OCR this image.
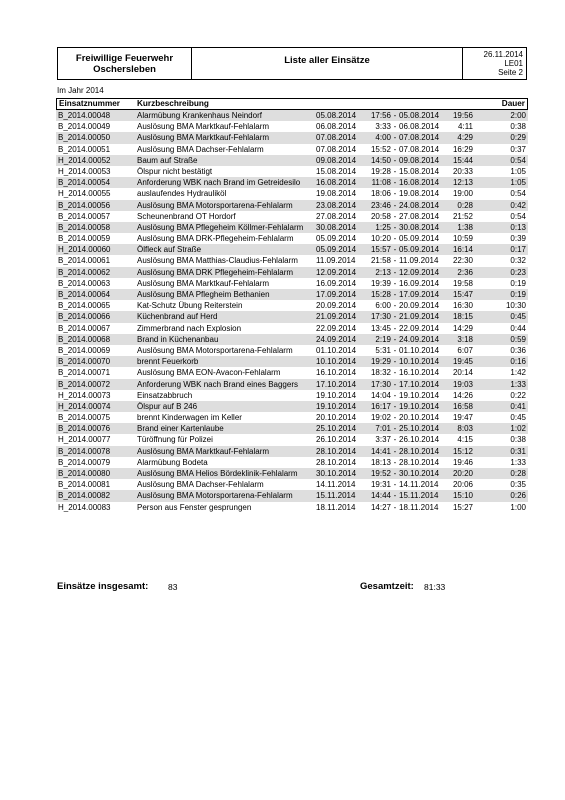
Freiwillige Feuerwehr
Oschersleben
Liste aller Einsätze
26.11.2014
LE01
Seite 2
Im Jahr 2014
Einsatznummer	Kurzbeschreibung	Dauer
B_2014.00048	Alarmübung Krankenhaus Neindorf	05.08.2014	17:56 - 05.08.2014	19:56	2:00
B_2014.00049	Auslösung BMA Marktkauf-Fehlalarm	06.08.2014	3:33 - 06.08.2014	4:11	0:38
B_2014.00050	Auslösung BMA Marktkauf-Fehlalarm	07.08.2014	4:00 - 07.08.2014	4:29	0:29
B_2014.00051	Auslösung BMA Dachser-Fehlalarm	07.08.2014	15:52 - 07.08.2014	16:29	0:37
H_2014.00052	Baum auf Straße	09.08.2014	14:50 - 09.08.2014	15:44	0:54
H_2014.00053	Ölspur nicht bestätigt	15.08.2014	19:28 - 15.08.2014	20:33	1:05
B_2014.00054	Anforderung WBK nach Brand im Getreidesilo	16.08.2014	11:08 - 16.08.2014	12:13	1:05
H_2014.00055	auslaufendes Hydrauliköl	19.08.2014	18:06 - 19.08.2014	19:00	0:54
B_2014.00056	Auslösung BMA Motorsportarena-Fehlalarm	23.08.2014	23:46 - 24.08.2014	0:28	0:42
B_2014.00057	Scheunenbrand OT Hordorf	27.08.2014	20:58 - 27.08.2014	21:52	0:54
B_2014.00058	Auslösung BMA Pflegeheim Köllmer-Fehlalarm	30.08.2014	1:25 - 30.08.2014	1:38	0:13
B_2014.00059	Auslösung BMA DRK-Pflegeheim-Fehlalarm	05.09.2014	10:20 - 05.09.2014	10:59	0:39
H_2014.00060	Ölfleck auf Straße	05.09.2014	15:57 - 05.09.2014	16:14	0:17
B_2014.00061	Auslösung BMA Matthias-Claudius-Fehlalarm	11.09.2014	21:58 - 11.09.2014	22:30	0:32
B_2014.00062	Auslösung BMA DRK Pflegeheim-Fehlalarm	12.09.2014	2:13 - 12.09.2014	2:36	0:23
B_2014.00063	Auslösung BMA Marktkauf-Fehlalarm	16.09.2014	19:39 - 16.09.2014	19:58	0:19
B_2014.00064	Auslösung BMA Pflegheim Bethanien	17.09.2014	15:28 - 17.09.2014	15:47	0:19
B_2014.00065	Kat-Schutz Übung Reiterstein	20.09.2014	6:00 - 20.09.2014	16:30	10:30
B_2014.00066	Küchenbrand auf Herd	21.09.2014	17:30 - 21.09.2014	18:15	0:45
B_2014.00067	Zimmerbrand nach Explosion	22.09.2014	13:45 - 22.09.2014	14:29	0:44
B_2014.00068	Brand in Küchenanbau	24.09.2014	2:19 - 24.09.2014	3:18	0:59
B_2014.00069	Auslösung BMA Motorsportarena-Fehlalarm	01.10.2014	5:31 - 01.10.2014	6:07	0:36
B_2014.00070	brennt Feuerkorb	10.10.2014	19:29 - 10.10.2014	19:45	0:16
B_2014.00071	Auslösung BMA EON-Avacon-Fehlalarm	16.10.2014	18:32 - 16.10.2014	20:14	1:42
B_2014.00072	Anforderung WBK nach Brand eines Baggers	17.10.2014	17:30 - 17.10.2014	19:03	1:33
H_2014.00073	Einsatzabbruch	19.10.2014	14:04 - 19.10.2014	14:26	0:22
H_2014.00074	Ölspur auf B 246	19.10.2014	16:17 - 19.10.2014	16:58	0:41
B_2014.00075	brennt Kinderwagen im Keller	20.10.2014	19:02 - 20.10.2014	19:47	0:45
B_2014.00076	Brand einer Kartenlaube	25.10.2014	7:01 - 25.10.2014	8:03	1:02
H_2014.00077	Türöffnung für Polizei	26.10.2014	3:37 - 26.10.2014	4:15	0:38
B_2014.00078	Auslösung BMA Marktkauf-Fehlalarm	28.10.2014	14:41 - 28.10.2014	15:12	0:31
B_2014.00079	Alarmübung Bodeta	28.10.2014	18:13 - 28.10.2014	19:46	1:33
B_2014.00080	Auslösung BMA Helios Bördeklinik-Fehlalarm	30.10.2014	19:52 - 30.10.2014	20:20	0:28
B_2014.00081	Auslösung BMA Dachser-Fehlalarm	14.11.2014	19:31 - 14.11.2014	20:06	0:35
B_2014.00082	Auslösung BMA Motorsportarena-Fehlalarm	15.11.2014	14:44 - 15.11.2014	15:10	0:26
H_2014.00083	Person aus Fenster gesprungen	18.11.2014	14:27 - 18.11.2014	15:27	1:00
Einsätze insgesamt: 83	Gesamtzeit: 81:33
